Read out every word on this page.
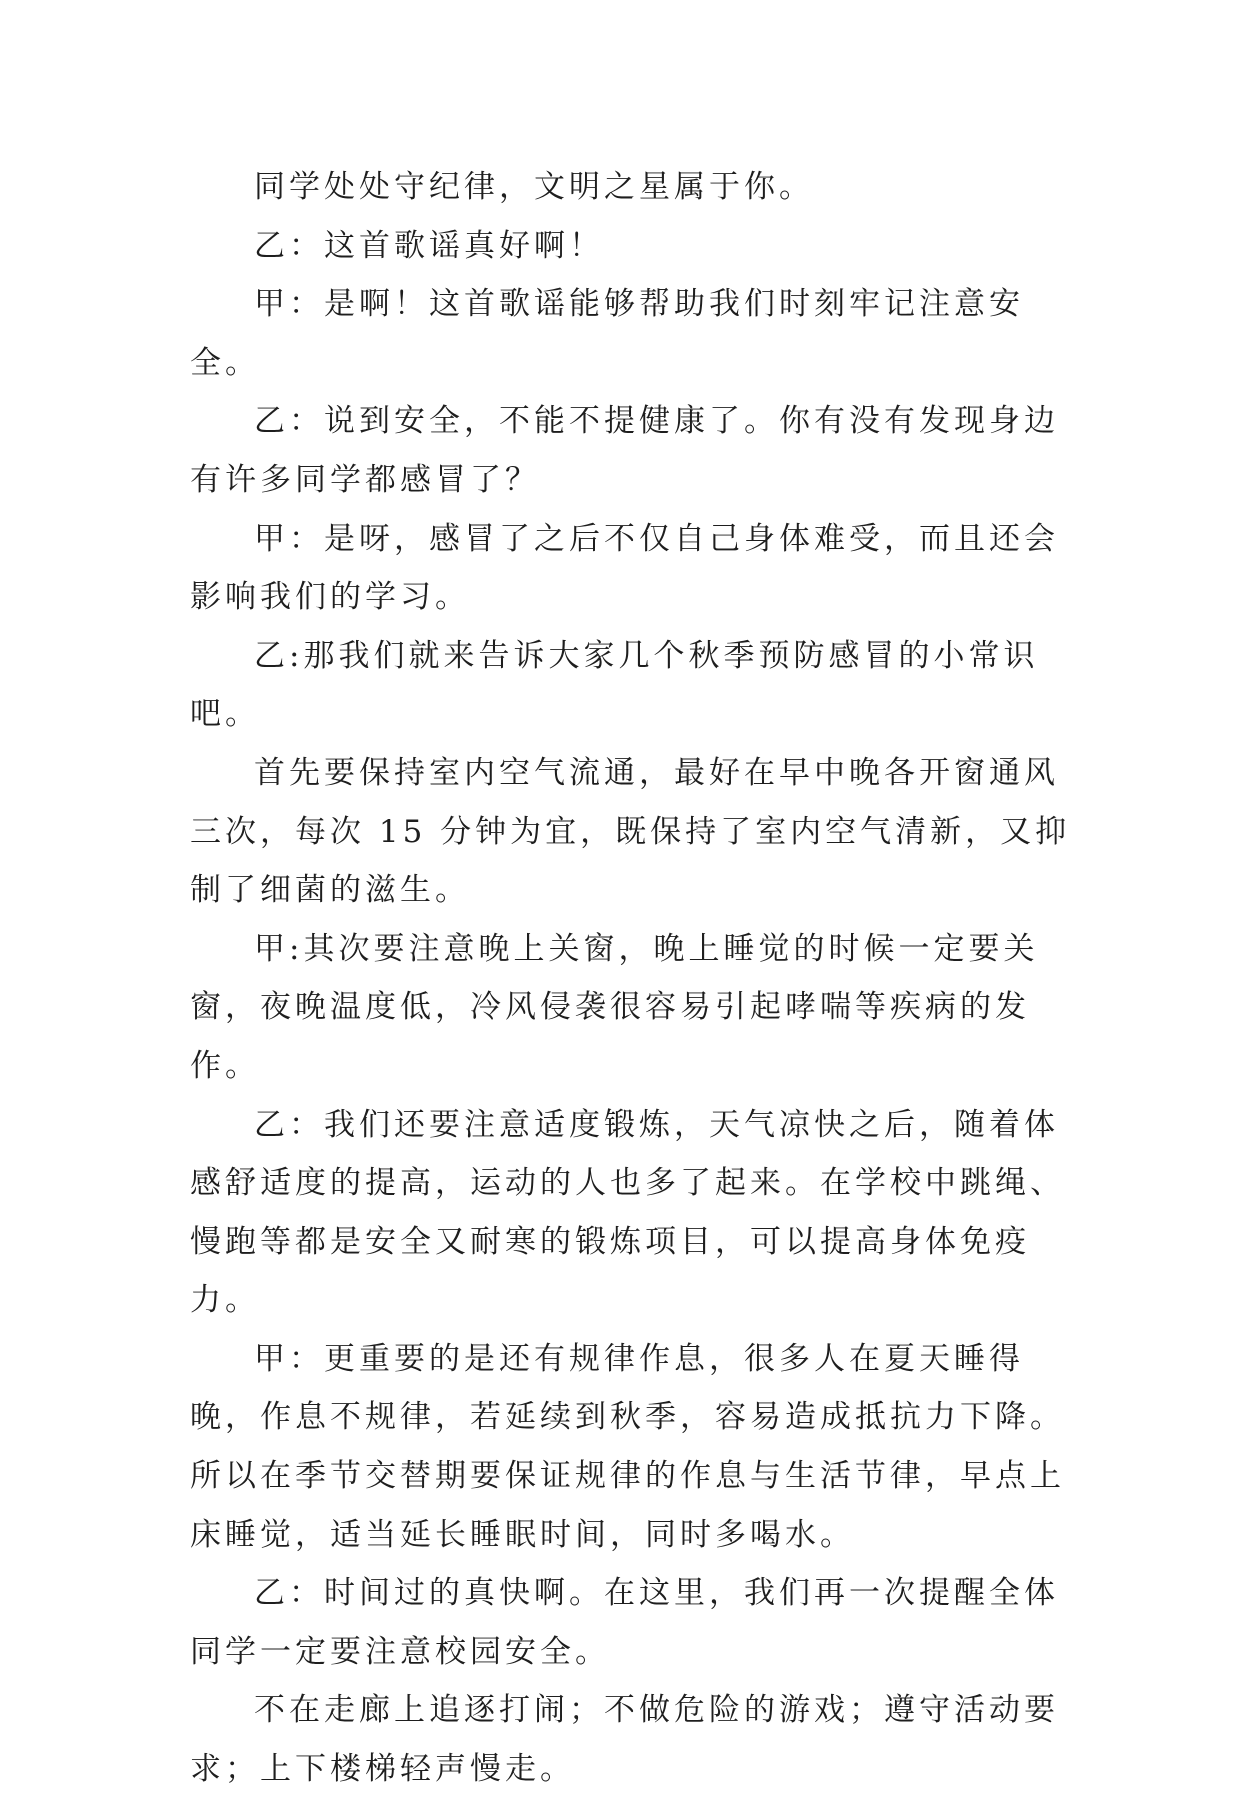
同学处处守纪律，文明之星属于你。

乙：这首歌谣真好啊！

甲：是啊！这首歌谣能够帮助我们时刻牢记注意安全。

乙：说到安全，不能不提健康了。你有没有发现身边有许多同学都感冒了？

甲：是呀，感冒了之后不仅自己身体难受，而且还会影响我们的学习。

乙:那我们就来告诉大家几个秋季预防感冒的小常识吧。

首先要保持室内空气流通，最好在早中晚各开窗通风三次，每次 15 分钟为宜，既保持了室内空气清新，又抑制了细菌的滋生。

甲:其次要注意晚上关窗，晚上睡觉的时候一定要关窗，夜晚温度低，冷风侵袭很容易引起哮喘等疾病的发作。

乙：我们还要注意适度锻炼，天气凉快之后，随着体感舒适度的提高，运动的人也多了起来。在学校中跳绳、慢跑等都是安全又耐寒的锻炼项目，可以提高身体免疫力。

甲：更重要的是还有规律作息，很多人在夏天睡得晚，作息不规律，若延续到秋季，容易造成抵抗力下降。所以在季节交替期要保证规律的作息与生活节律，早点上床睡觉，适当延长睡眠时间，同时多喝水。

乙：时间过的真快啊。在这里，我们再一次提醒全体同学一定要注意校园安全。

不在走廊上追逐打闹；不做危险的游戏；遵守活动要求；上下楼梯轻声慢走。
